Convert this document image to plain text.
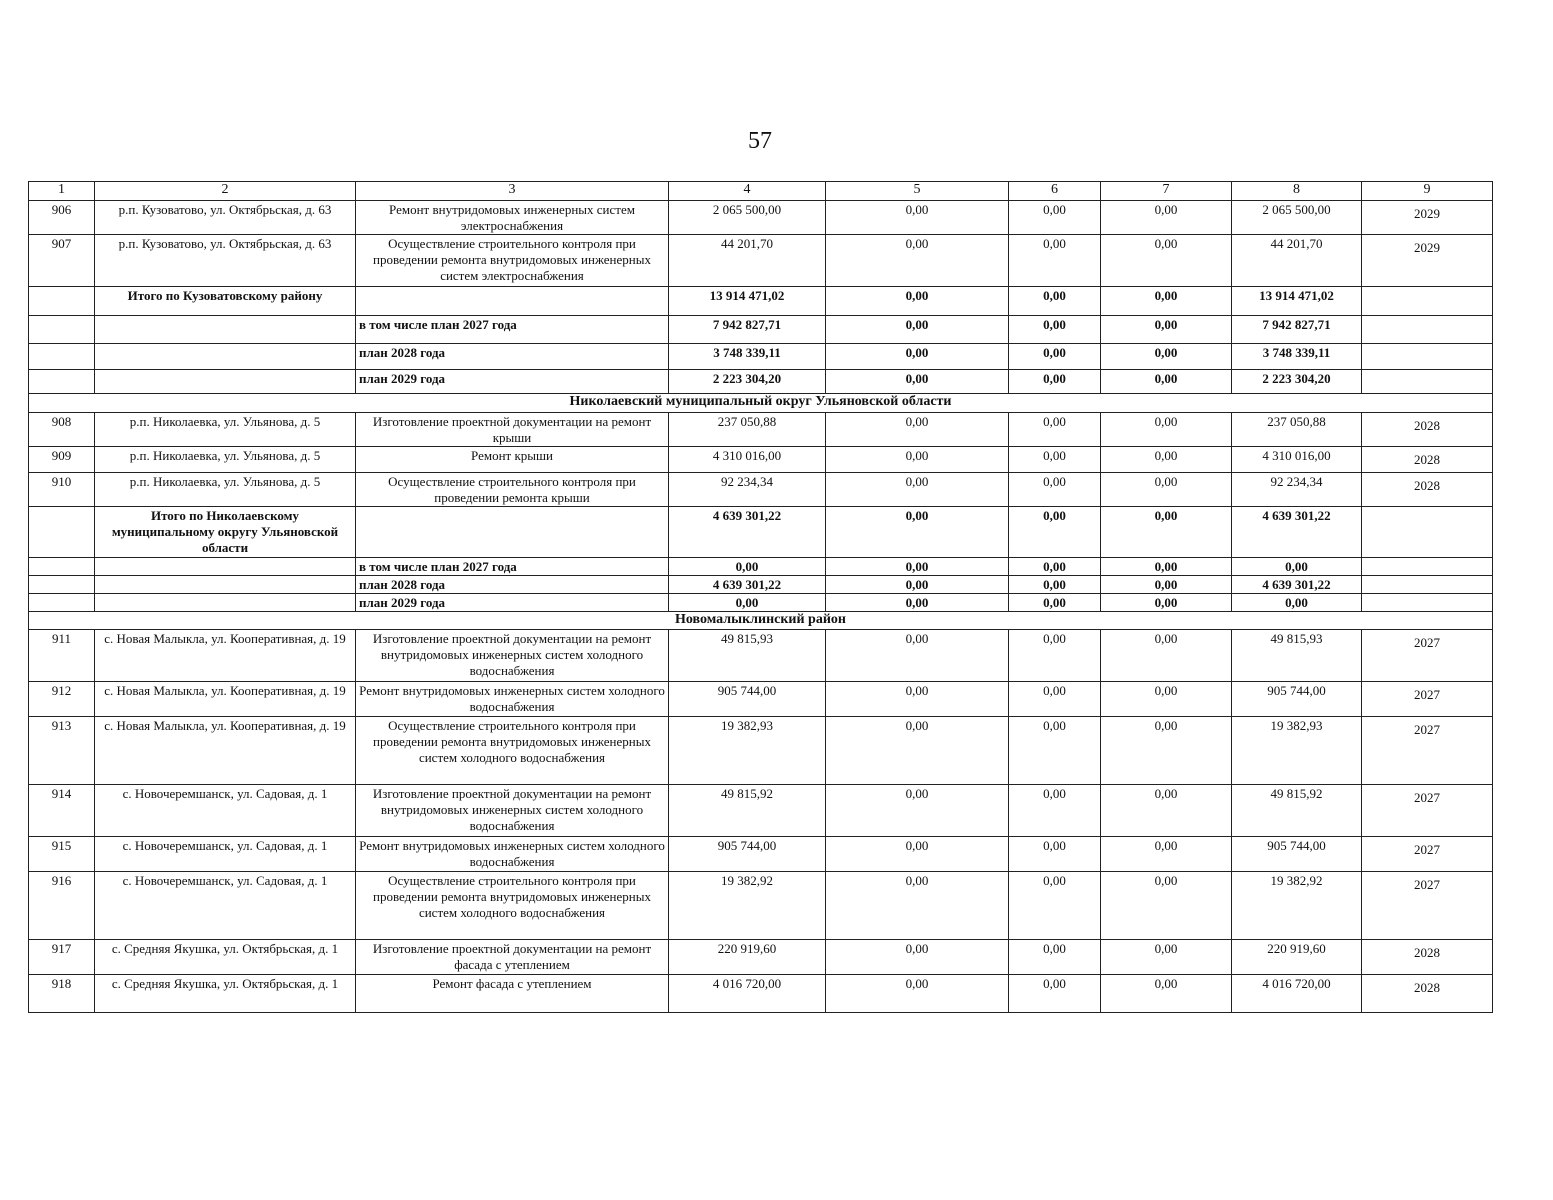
57
1	2	3	4	5	6	7	8	9
906	р.п. Кузоватово, ул. Октябрьская, д. 63	Ремонт внутридомовых инженерных систем электроснабжения	2 065 500,00	0,00	0,00	0,00	2 065 500,00	2029
907	р.п. Кузоватово, ул. Октябрьская, д. 63	Осуществление строительного контроля при проведении ремонта внутридомовых инженерных систем электроснабжения	44 201,70	0,00	0,00	0,00	44 201,70	2029
	Итого по Кузоватовскому району		13 914 471,02	0,00	0,00	0,00	13 914 471,02	
		в том числе план 2027 года	7 942 827,71	0,00	0,00	0,00	7 942 827,71	
		план 2028 года	3 748 339,11	0,00	0,00	0,00	3 748 339,11	
		план 2029 года	2 223 304,20	0,00	0,00	0,00	2 223 304,20	
Николаевский муниципальный округ Ульяновской области								
908	р.п. Николаевка, ул. Ульянова, д. 5	Изготовление проектной документации на ремонт крыши	237 050,88	0,00	0,00	0,00	237 050,88	2028
909	р.п. Николаевка, ул. Ульянова, д. 5	Ремонт крыши	4 310 016,00	0,00	0,00	0,00	4 310 016,00	2028
910	р.п. Николаевка, ул. Ульянова, д. 5	Осуществление строительного контроля при проведении ремонта крыши	92 234,34	0,00	0,00	0,00	92 234,34	2028
	Итого по Николаевскому муниципальному округу Ульяновской области		4 639 301,22	0,00	0,00	0,00	4 639 301,22	
		в том числе план 2027 года	0,00	0,00	0,00	0,00	0,00	
		план 2028 года	4 639 301,22	0,00	0,00	0,00	4 639 301,22	
		план 2029 года	0,00	0,00	0,00	0,00	0,00	
Новомалыклинский район								
911	с. Новая Малыкла, ул. Кооперативная, д. 19	Изготовление проектной документации на ремонт внутридомовых инженерных систем холодного водоснабжения	49 815,93	0,00	0,00	0,00	49 815,93	2027
912	с. Новая Малыкла, ул. Кооперативная, д. 19	Ремонт внутридомовых инженерных систем холодного водоснабжения	905 744,00	0,00	0,00	0,00	905 744,00	2027
913	с. Новая Малыкла, ул. Кооперативная, д. 19	Осуществление строительного контроля при проведении ремонта внутридомовых инженерных систем холодного водоснабжения	19 382,93	0,00	0,00	0,00	19 382,93	2027
914	с. Новочеремшанск, ул. Садовая, д. 1	Изготовление проектной документации на ремонт внутридомовых инженерных систем холодного водоснабжения	49 815,92	0,00	0,00	0,00	49 815,92	2027
915	с. Новочеремшанск, ул. Садовая, д. 1	Ремонт внутридомовых инженерных систем холодного водоснабжения	905 744,00	0,00	0,00	0,00	905 744,00	2027
916	с. Новочеремшанск, ул. Садовая, д. 1	Осуществление строительного контроля при проведении ремонта внутридомовых инженерных систем холодного водоснабжения	19 382,92	0,00	0,00	0,00	19 382,92	2027
917	с. Средняя Якушка, ул. Октябрьская, д. 1	Изготовление проектной документации на ремонт фасада с утеплением	220 919,60	0,00	0,00	0,00	220 919,60	2028
918	с. Средняя Якушка, ул. Октябрьская, д. 1	Ремонт фасада с утеплением	4 016 720,00	0,00	0,00	0,00	4 016 720,00	2028
